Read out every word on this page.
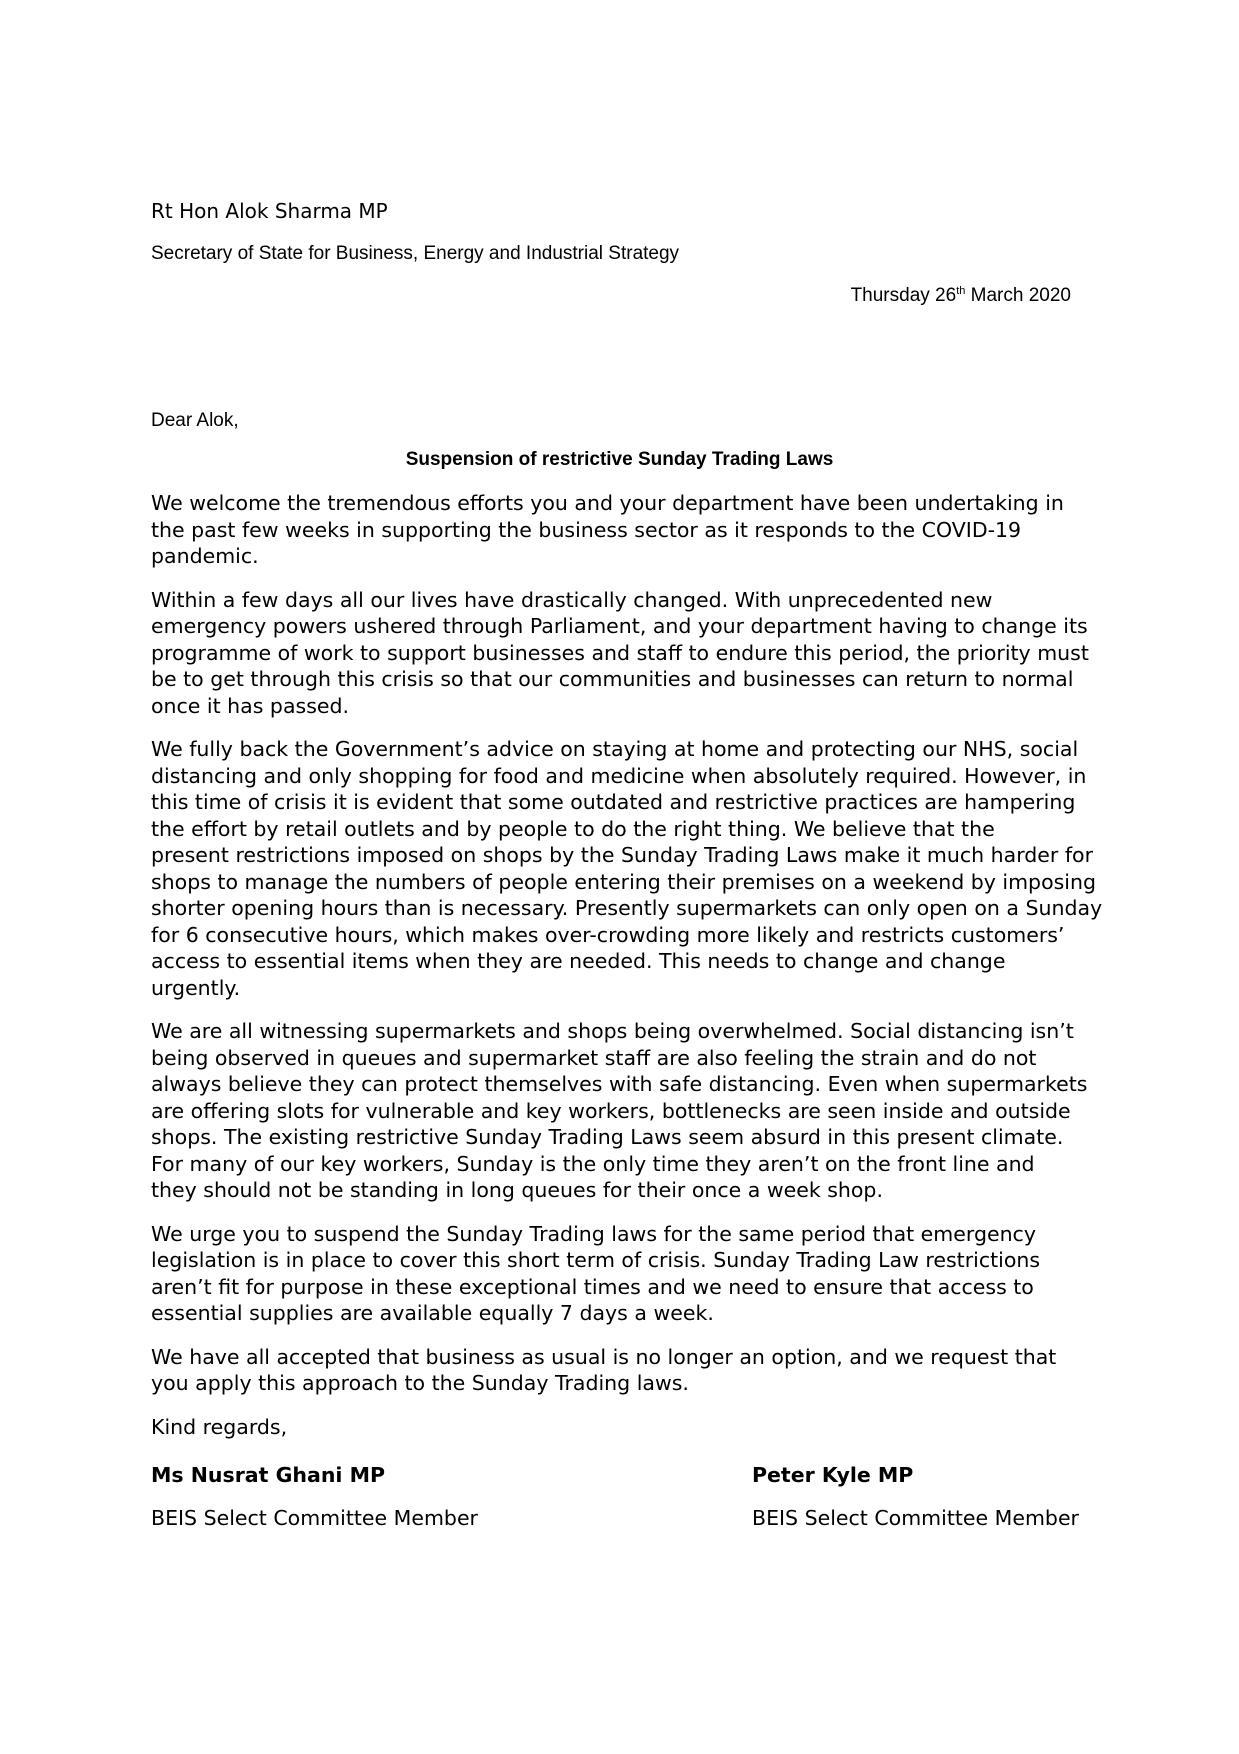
Rt Hon Alok Sharma MP
Secretary of State for Business, Energy and Industrial Strategy
Thursday 26th March 2020
Dear Alok,
Suspension of restrictive Sunday Trading Laws

We welcome the tremendous efforts you and your department have been undertaking in
the past few weeks in supporting the business sector as it responds to the COVID-19
pandemic.

Within a few days all our lives have drastically changed. With unprecedented new
emergency powers ushered through Parliament, and your department having to change its
programme of work to support businesses and staff to endure this period, the priority must
be to get through this crisis so that our communities and businesses can return to normal
once it has passed.

We fully back the Government’s advice on staying at home and protecting our NHS, social
distancing and only shopping for food and medicine when absolutely required. However, in
this time of crisis it is evident that some outdated and restrictive practices are hampering
the effort by retail outlets and by people to do the right thing. We believe that the
present restrictions imposed on shops by the Sunday Trading Laws make it much harder for
shops to manage the numbers of people entering their premises on a weekend by imposing
shorter opening hours than is necessary. Presently supermarkets can only open on a Sunday
for 6 consecutive hours, which makes over-crowding more likely and restricts customers’
access to essential items when they are needed. This needs to change and change
urgently.

We are all witnessing supermarkets and shops being overwhelmed. Social distancing isn’t
being observed in queues and supermarket staff are also feeling the strain and do not
always believe they can protect themselves with safe distancing. Even when supermarkets
are offering slots for vulnerable and key workers, bottlenecks are seen inside and outside
shops. The existing restrictive Sunday Trading Laws seem absurd in this present climate.
For many of our key workers, Sunday is the only time they aren’t on the front line and
they should not be standing in long queues for their once a week shop.

We urge you to suspend the Sunday Trading laws for the same period that emergency
legislation is in place to cover this short term of crisis. Sunday Trading Law restrictions
aren’t fit for purpose in these exceptional times and we need to ensure that access to
essential supplies are available equally 7 days a week.

We have all accepted that business as usual is no longer an option, and we request that
you apply this approach to the Sunday Trading laws.

Kind regards,

Ms Nusrat Ghani MP
BEIS Select Committee Member
Peter Kyle MP
BEIS Select Committee Member
